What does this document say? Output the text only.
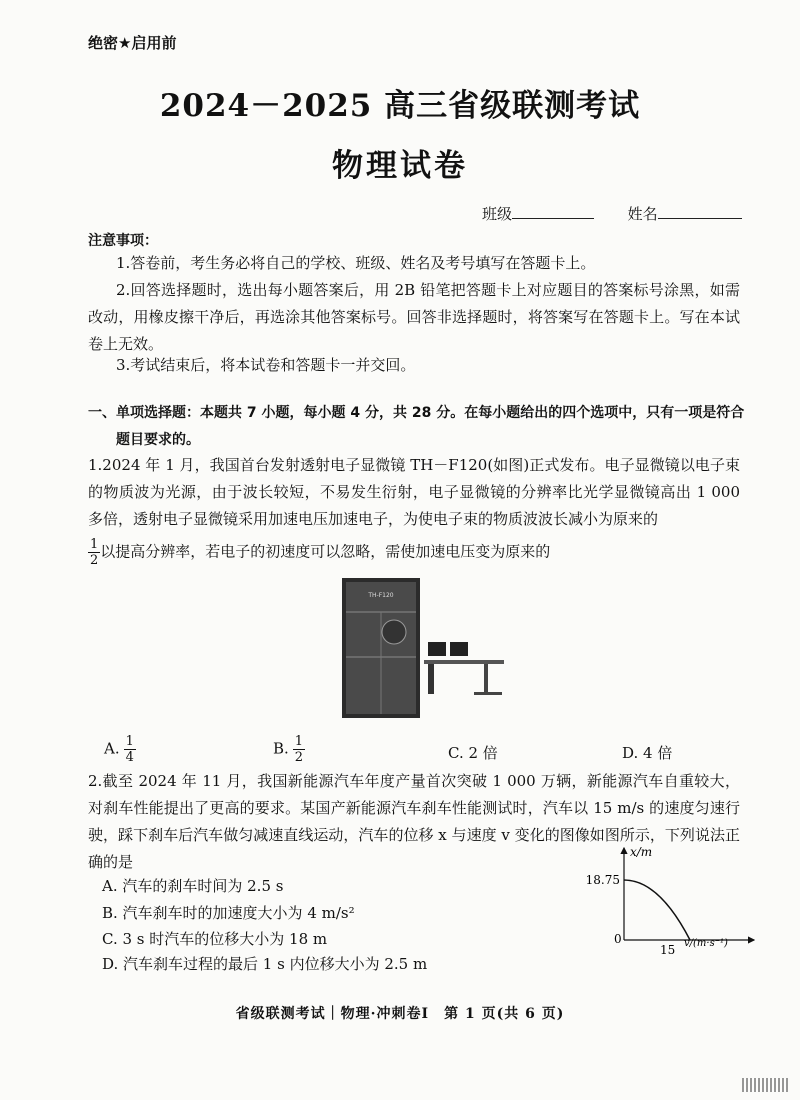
绝密★启用前
2024－2025 高三省级联测考试
物理试卷
班级	姓名
注意事项：
1.答卷前，考生务必将自己的学校、班级、姓名及考号填写在答题卡上。
2.回答选择题时，选出每小题答案后，用 2B 铅笔把答题卡上对应题目的答案标号涂黑，如需改动，用橡皮擦干净后，再选涂其他答案标号。回答非选择题时，将答案写在答题卡上。写在本试卷上无效。
3.考试结束后，将本试卷和答题卡一并交回。
一、单项选择题：本题共 7 小题，每小题 4 分，共 28 分。在每小题给出的四个选项中，只有一项是符合题目要求的。
1.2024 年 1 月，我国首台发射透射电子显微镜 TH－F120(如图)正式发布。电子显微镜以电子束的物质波为光源，由于波长较短，不易发生衍射，电子显微镜的分辨率比光学显微镜高出 1 000 多倍，透射电子显微镜采用加速电压加速电子，为使电子束的物质波波长减小为原来的
$\frac{1}{2}$ 以提高分辨率，若电子的初速度可以忽略，需使加速电压变为原来的
TH-F120
A. $\frac{1}{4}$	B. $\frac{1}{2}$	C. 2 倍	D. 4 倍
2.截至 2024 年 11 月，我国新能源汽车年度产量首次突破 1 000 万辆，新能源汽车自重较大，对刹车性能提出了更高的要求。某国产新能源汽车刹车性能测试时，汽车以 15 m/s 的速度匀速行驶，踩下刹车后汽车做匀减速直线运动，汽车的位移 x 与速度 v 变化的图像如图所示，下列说法正确的是
A. 汽车的刹车时间为 2.5 s
B. 汽车刹车时的加速度大小为 4 m/s²
C. 3 s 时汽车的位移大小为 18 m
D. 汽车刹车过程的最后 1 s 内位移大小为 2.5 m
x/m
18.75
0
15 v/(m·s⁻¹)
省级联测考试｜物理·冲刺卷Ⅰ　第 1 页(共 6 页)
